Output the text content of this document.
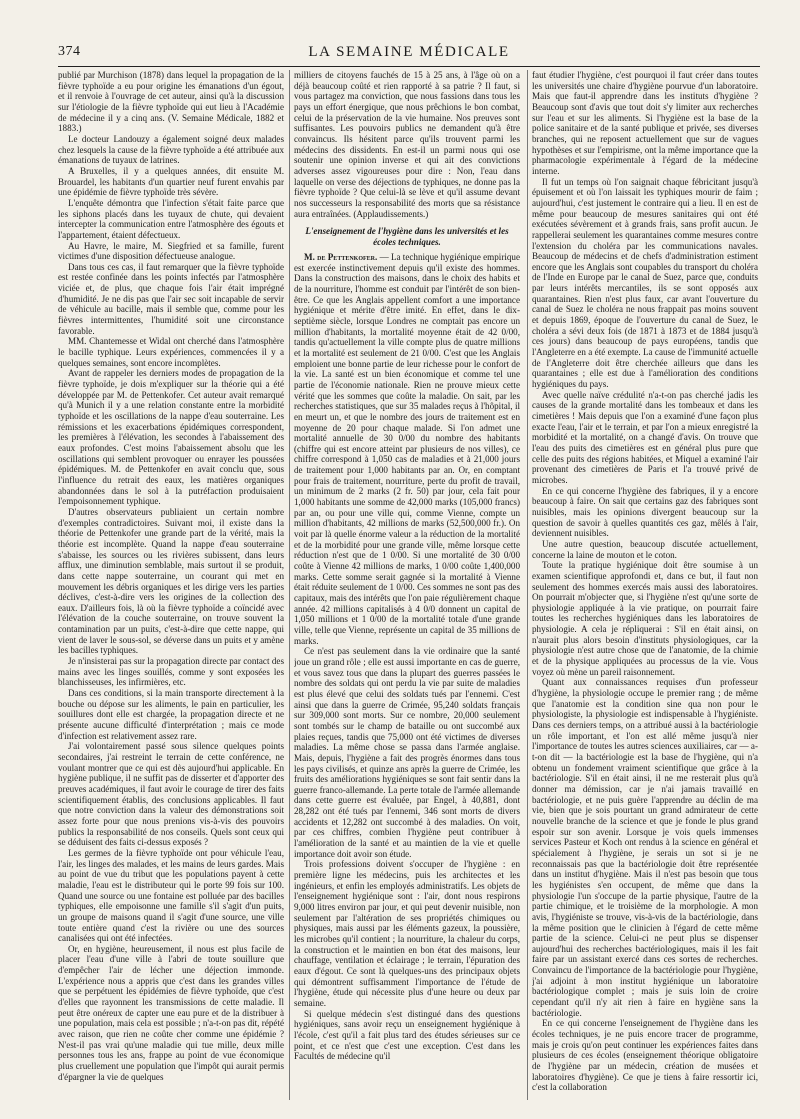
374	LA SEMAINE MÉDICALE

publié par Murchison (1878) dans lequel la propagation de la fièvre typhoïde a eu pour origine les émanations d'un égout, et il renvoie à l'ouvrage de cet auteur, ainsi qu'à la discussion sur l'étiologie de la fièvre typhoïde qui eut lieu à l'Académie de médecine il y a cinq ans. (V. Semaine Médicale, 1882 et 1883.)

Le docteur Landouzy a également soigné deux malades chez lesquels la cause de la fièvre typhoïde a été attribuée aux émanations de tuyaux de latrines.

A Bruxelles, il y a quelques années, dit ensuite M. Brouardel, les habitants d'un quartier neuf furent envahis par une épidémie de fièvre typhoïde très sévère.

L'enquête démontra que l'infection s'était faite parce que les siphons placés dans les tuyaux de chute, qui devaient intercepter la communication entre l'atmosphère des égouts et l'appartement, étaient défectueux.

Au Havre, le maire, M. Siegfried et sa famille, furent victimes d'une disposition défectueuse analogue.

Dans tous ces cas, il faut remarquer que la fièvre typhoïde est restée confinée dans les points infectés par l'atmosphère viciée et, de plus, que chaque fois l'air était imprégné d'humidité. Je ne dis pas que l'air sec soit incapable de servir de véhicule au bacille, mais il semble que, comme pour les fièvres intermittentes, l'humidité soit une circonstance favorable.

MM. Chantemesse et Widal ont cherché dans l'atmosphère le bacille typhique. Leurs expériences, commencées il y a quelques semaines, sont encore incomplètes.

Avant de rappeler les derniers modes de propagation de la fièvre typhoïde, je dois m'expliquer sur la théorie qui a été développée par M. de Pettenkofer. Cet auteur avait remarqué qu'à Munich il y a une relation constante entre la morbidité typhoïde et les oscillations de la nappe d'eau souterraine. Les rémissions et les exacerbations épidémiques correspondent, les premières à l'élévation, les secondes à l'abaissement des eaux profondes. C'est moins l'abaissement absolu que les oscillations qui semblent provoquer ou enrayer les poussées épidémiques. M. de Pettenkofer en avait conclu que, sous l'influence du retrait des eaux, les matières organiques abandonnées dans le sol à la putréfaction produisaient l'empoisonnement typhique.

D'autres observateurs publiaient un certain nombre d'exemples contradictoires. Suivant moi, il existe dans la théorie de Pettenkofer une grande part de la vérité, mais la théorie est incomplète. Quand la nappe d'eau souterraine s'abaisse, les sources ou les rivières subissent, dans leurs afflux, une diminution semblable, mais surtout il se produit, dans cette nappe souterraine, un courant qui met en mouvement les débris organiques et les dirige vers les parties déclives, c'est-à-dire vers les origines de la collection des eaux. D'ailleurs fois, là où la fièvre typhoïde a coïncidé avec l'élévation de la couche souterraine, on trouve souvent la contamination par un puits, c'est-à-dire que cette nappe, qui vient de laver le sous-sol, se déverse dans un puits et y amène les bacilles typhiques.

Je n'insisterai pas sur la propagation directe par contact des mains avec les linges souillés, comme y sont exposées les blanchisseuses, les infirmières, etc.

Dans ces conditions, si la main transporte directement à la bouche ou dépose sur les aliments, le pain en particulier, les souillures dont elle est chargée, la propagation directe et ne présente aucune difficulté d'interprétation ; mais ce mode d'infection est relativement assez rare.

J'ai volontairement passé sous silence quelques points secondaires, j'ai restreint le terrain de cette conférence, ne voulant montrer que ce qui est dès aujourd'hui applicable. En hygiène publique, il ne suffit pas de disserter et d'apporter des preuves académiques, il faut avoir le courage de tirer des faits scientifiquement établis, des conclusions applicables. Il faut que notre conviction dans la valeur des démonstrations soit assez forte pour que nous prenions vis-à-vis des pouvoirs publics la responsabilité de nos conseils. Quels sont ceux qui se déduisent des faits ci-dessus exposés ?

Les germes de la fièvre typhoïde ont pour véhicule l'eau, l'air, les linges des malades, et les mains de leurs gardes. Mais au point de vue du tribut que les populations payent à cette maladie, l'eau est le distributeur qui le porte 99 fois sur 100. Quand une source ou une fontaine est polluée par des bacilles typhiques, elle empoisonne une famille s'il s'agit d'un puits, un groupe de maisons quand il s'agit d'une source, une ville toute entière quand c'est la rivière ou une des sources canalisées qui ont été infectées.

Or, en hygiène, heureusement, il nous est plus facile de placer l'eau d'une ville à l'abri de toute souillure que d'empêcher l'air de lécher une déjection immonde. L'expérience nous a appris que c'est dans les grandes villes que se perpétuent les épidémies de fièvre typhoïde, que c'est d'elles que rayonnent les transmissions de cette maladie. Il peut être onéreux de capter une eau pure et de la distribuer à une population, mais cela est possible ; n'a-t-on pas dit, répété avec raison, que rien ne coûte cher comme une épidémie ? N'est-il pas vrai qu'une maladie qui tue mille, deux mille personnes tous les ans, frappe au point de vue économique plus cruellement une population que l'impôt qui aurait permis d'épargner la vie de quelques

milliers de citoyens fauchés de 15 à 25 ans, à l'âge où on a déjà beaucoup coûté et rien rapporté à sa patrie ? Il faut, si vous partagez ma conviction, que nous fassions dans tous les pays un effort énergique, que nous prêchions le bon combat, celui de la préservation de la vie humaine. Nos preuves sont suffisantes. Les pouvoirs publics ne demandent qu'à être convaincus. Ils hésitent parce qu'ils trouvent parmi les médecins des dissidents. En est-il un parmi nous qui ose soutenir une opinion inverse et qui ait des convictions adverses assez vigoureuses pour dire : Non, l'eau dans laquelle on verse des déjections de typhiques, ne donne pas la fièvre typhoïde ? Que celui-là se lève et qu'il assume devant nos successeurs la responsabilité des morts que sa résistance aura entraînées. (Applaudissements.)

L'enseignement de l'hygiène dans les universités et les écoles techniques.

M. de Pettenkofer. — La technique hygiénique empirique est exercée instinctivement depuis qu'il existe des hommes. Dans la construction des maisons, dans le choix des habits et de la nourriture, l'homme est conduit par l'intérêt de son bien-être. Ce que les Anglais appellent comfort a une importance hygiénique et mérite d'être imité. En effet, dans le dix-septième siècle, lorsque Londres ne comptait pas encore un million d'habitants, la mortalité moyenne était de 42 0/00, tandis qu'actuellement la ville compte plus de quatre millions et la mortalité est seulement de 21 0/00. C'est que les Anglais emploient une bonne partie de leur richesse pour le confort de la vie. La santé est un bien économique et comme tel une partie de l'économie nationale. Rien ne prouve mieux cette vérité que les sommes que coûte la maladie. On sait, par les recherches statistiques, que sur 35 malades reçus à l'hôpital, il en meurt un, et que le nombre des jours de traitement est en moyenne de 20 pour chaque malade. Si l'on admet une mortalité annuelle de 30 0/00 du nombre des habitants (chiffre qui est encore atteint par plusieurs de nos villes), ce chiffre correspond à 1,050 cas de maladies et à 21,000 jours de traitement pour 1,000 habitants par an. Or, en comptant pour frais de traitement, nourriture, perte du profit de travail, un minimum de 2 marks (2 fr. 50) par jour, cela fait pour 1,000 habitants une somme de 42,000 marks (105,000 francs) par an, ou pour une ville qui, comme Vienne, compte un million d'habitants, 42 millions de marks (52,500,000 fr.). On voit par là quelle énorme valeur a la réduction de la mortalité et de la morbidité pour une grande ville, même lorsque cette réduction n'est que de 1 0/00. Si une mortalité de 30 0/00 coûte à Vienne 42 millions de marks, 1 0/00 coûte 1,400,000 marks. Cette somme serait gagnée si la mortalité à Vienne était réduite seulement de 1 0/00. Ces sommes ne sont pas des capitaux, mais des intérêts que l'on paie régulièrement chaque année. 42 millions capitalisés à 4 0/0 donnent un capital de 1,050 millions et 1 0/00 de la mortalité totale d'une grande ville, telle que Vienne, représente un capital de 35 millions de marks.

Ce n'est pas seulement dans la vie ordinaire que la santé joue un grand rôle ; elle est aussi importante en cas de guerre, et vous savez tous que dans la plupart des guerres passées le nombre des soldats qui ont perdu la vie par suite de maladies est plus élevé que celui des soldats tués par l'ennemi. C'est ainsi que dans la guerre de Crimée, 95,240 soldats français sur 309,000 sont morts. Sur ce nombre, 20,000 seulement sont tombés sur le champ de bataille ou ont succombé aux plaies reçues, tandis que 75,000 ont été victimes de diverses maladies. La même chose se passa dans l'armée anglaise. Mais, depuis, l'hygiène a fait des progrès énormes dans tous les pays civilisés, et quinze ans après la guerre de Crimée, les fruits des améliorations hygiéniques se sont fait sentir dans la guerre franco-allemande. La perte totale de l'armée allemande dans cette guerre est évaluée, par Engel, à 40,881, dont 28,282 ont été tués par l'ennemi, 346 sont morts de divers accidents et 12,282 ont succombé à des maladies. On voit, par ces chiffres, combien l'hygiène peut contribuer à l'amélioration de la santé et au maintien de la vie et quelle importance doit avoir son étude.

Trois professions doivent s'occuper de l'hygiène : en première ligne les médecins, puis les architectes et les ingénieurs, et enfin les employés administratifs. Les objets de l'enseignement hygiénique sont : l'air, dont nous respirons 9,000 litres environ par jour, et qui peut devenir nuisible, non seulement par l'altération de ses propriétés chimiques ou physiques, mais aussi par les éléments gazeux, la poussière, les microbes qu'il contient ; la nourriture, la chaleur du corps, la construction et le maintien en bon état des maisons, leur chauffage, ventilation et éclairage ; le terrain, l'épuration des eaux d'égout. Ce sont là quelques-uns des principaux objets qui démontrent suffisamment l'importance de l'étude de l'hygiène, étude qui nécessite plus d'une heure ou deux par semaine.

Si quelque médecin s'est distingué dans des questions hygiéniques, sans avoir reçu un enseignement hygiénique à l'école, c'est qu'il a fait plus tard des études sérieuses sur ce point, et ce n'est que c'est une exception. C'est dans les Facultés de médecine qu'il

faut étudier l'hygiène, c'est pourquoi il faut créer dans toutes les universités une chaire d'hygiène pourvue d'un laboratoire. Mais que faut-il apprendre dans les instituts d'hygiène ? Beaucoup sont d'avis que tout doit s'y limiter aux recherches sur l'eau et sur les aliments. Si l'hygiène est la base de la police sanitaire et de la santé publique et privée, ses diverses branches, qui ne reposent actuellement que sur de vagues hypothèses et sur l'empirisme, ont la même importance que la pharmacologie expérimentale à l'égard de la médecine interne.

Il fut un temps où l'on saignait chaque fébricitant jusqu'à épuisement et où l'on laissait les typhiques mourir de faim ; aujourd'hui, c'est justement le contraire qui a lieu. Il en est de même pour beaucoup de mesures sanitaires qui ont été exécutées sévèrement et à grands frais, sans profit aucun. Je rappellerai seulement les quarantaines comme mesures contre l'extension du choléra par les communications navales. Beaucoup de médecins et de chefs d'administration estiment encore que les Anglais sont coupables du transport du choléra de l'Inde en Europe par le canal de Suez, parce que, conduits par leurs intérêts mercantiles, ils se sont opposés aux quarantaines. Rien n'est plus faux, car avant l'ouverture du canal de Suez le choléra ne nous frappait pas moins souvent et depuis 1869, époque de l'ouverture du canal de Suez, le choléra a sévi deux fois (de 1871 à 1873 et de 1884 jusqu'à ces jours) dans beaucoup de pays européens, tandis que l'Angleterre en a été exempte. La cause de l'immunité actuelle de l'Angleterre doit être cherchée ailleurs que dans les quarantaines ; elle est due à l'amélioration des conditions hygiéniques du pays.

Avec quelle naïve crédulité n'a-t-on pas cherché jadis les causes de la grande mortalité dans les tombeaux et dans les cimetières ! Mais depuis que l'on a examiné d'une façon plus exacte l'eau, l'air et le terrain, et par l'on a mieux enregistré la morbidité et la mortalité, on a changé d'avis. On trouve que l'eau des puits des cimetières est en général plus pure que celle des puits des régions habitées, et Miquel a examiné l'air provenant des cimetières de Paris et l'a trouvé privé de microbes.

En ce qui concerne l'hygiène des fabriques, il y a encore beaucoup à faire. On sait que certains gaz des fabriques sont nuisibles, mais les opinions divergent beaucoup sur la question de savoir à quelles quantités ces gaz, mêlés à l'air, deviennent nuisibles.

Une autre question, beaucoup discutée actuellement, concerne la laine de mouton et le coton.

Toute la pratique hygiénique doit être soumise à un examen scientifique approfondi et, dans ce but, il faut non seulement des hommes exercés mais aussi des laboratoires. On pourrait m'objecter que, si l'hygiène n'est qu'une sorte de physiologie appliquée à la vie pratique, on pourrait faire toutes les recherches hygiéniques dans les laboratoires de physiologie. A cela je répliquerai : S'il en était ainsi, on n'aurait plus alors besoin d'instituts physiologiques, car la physiologie n'est autre chose que de l'anatomie, de la chimie et de la physique appliquées au processus de la vie. Vous voyez où mène un pareil raisonnement.

Quant aux connaissances requises d'un professeur d'hygiène, la physiologie occupe le premier rang ; de même que l'anatomie est la condition sine qua non pour le physiologiste, la physiologie est indispensable à l'hygiéniste. Dans ces derniers temps, on a attribué aussi à la bactériologie un rôle important, et l'on est allé même jusqu'à nier l'importance de toutes les autres sciences auxiliaires, car — a-t-on dit — la bactériologie est la base de l'hygiène, qui n'a obtenu un fondement vraiment scientifique que grâce à la bactériologie. S'il en était ainsi, il ne me resterait plus qu'à donner ma démission, car je n'ai jamais travaillé en bactériologie, et ne puis guère l'apprendre au déclin de ma vie, bien que je sois pourtant un grand admirateur de cette nouvelle branche de la science et que je fonde le plus grand espoir sur son avenir. Lorsque je vois quels immenses services Pasteur et Koch ont rendus à la science en général et spécialement à l'hygiène, je serais un sot si je ne reconnaissais pas que la bactériologie doit être représentée dans un institut d'hygiène. Mais il n'est pas besoin que tous les hygiénistes s'en occupent, de même que dans la physiologie l'un s'occupe de la partie physique, l'autre de la partie chimique, et le troisième de la morphologie. A mon avis, l'hygiéniste se trouve, vis-à-vis de la bactériologie, dans la même position que le clinicien à l'égard de cette même partie de la science. Celui-ci ne peut plus se dispenser aujourd'hui des recherches bactériologiques, mais il les fait faire par un assistant exercé dans ces sortes de recherches. Convaincu de l'importance de la bactériologie pour l'hygiène, j'ai adjoint à mon institut hygiénique un laboratoire bactériologique complet ; mais je suis loin de croire cependant qu'il n'y ait rien à faire en hygiène sans la bactériologie.

En ce qui concerne l'enseignement de l'hygiène dans les écoles techniques, je ne puis encore tracer de programme, mais je crois qu'on peut continuer les expériences faites dans plusieurs de ces écoles (enseignement théorique obligatoire de l'hygiène par un médecin, création de musées et laboratoires d'hygiène). Ce que je tiens à faire ressortir ici, c'est la collaboration
